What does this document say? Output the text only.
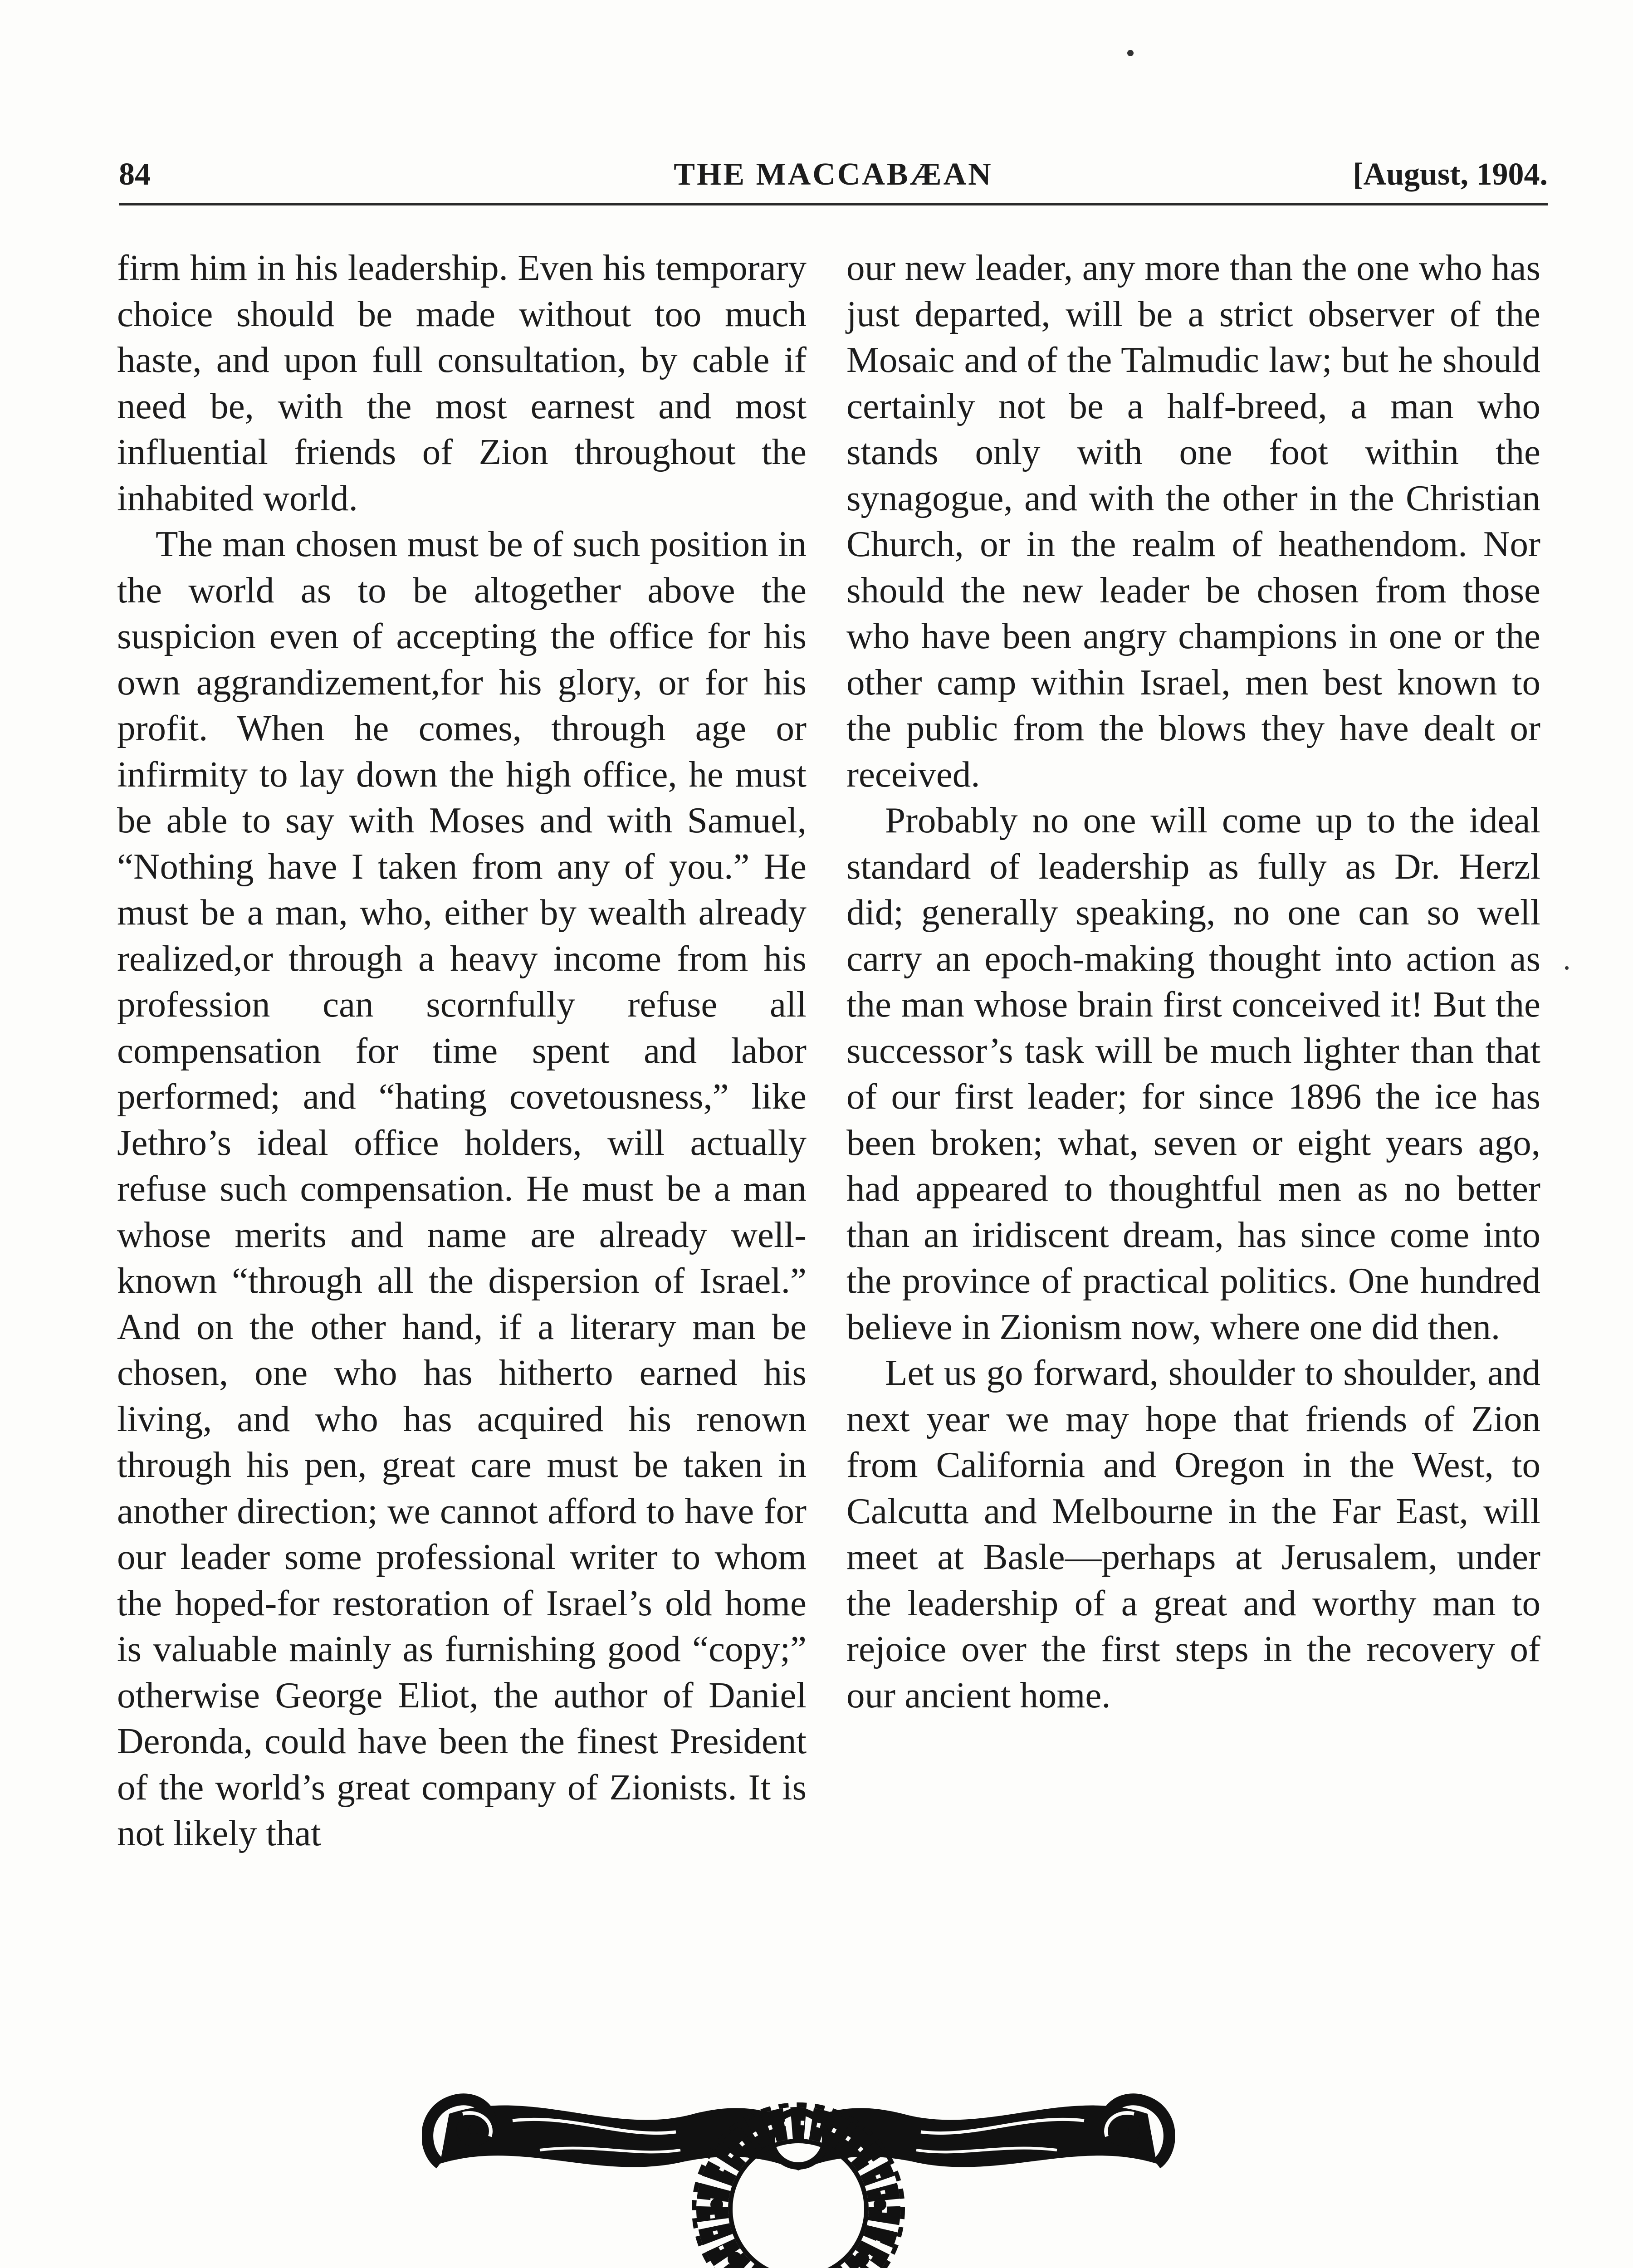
84	THE MACCABÆAN	[August, 1904.

firm him in his leadership. Even his temporary choice should be made without too much haste, and upon full consultation, by cable if need be, with the most earnest and most influential friends of Zion throughout the inhabited world.

The man chosen must be of such position in the world as to be altogether above the suspicion even of accepting the office for his own aggrandizement,for his glory, or for his profit. When he comes, through age or infirmity to lay down the high office, he must be able to say with Moses and with Samuel, “Nothing have I taken from any of you.” He must be a man, who, either by wealth already realized,or through a heavy income from his profession can scornfully refuse all compensation for time spent and labor performed; and “hating covetousness,” like Jethro’s ideal office holders, will actually refuse such compensation. He must be a man whose merits and name are already well-known “through all the dispersion of Israel.” And on the other hand, if a literary man be chosen, one who has hitherto earned his living, and who has acquired his renown through his pen, great care must be taken in another direction; we cannot afford to have for our leader some professional writer to whom the hoped-for restoration of Israel’s old home is valuable mainly as furnishing good “copy;” otherwise George Eliot, the author of Daniel Deronda, could have been the finest President of the world’s great company of Zionists. It is not likely that

our new leader, any more than the one who has just departed, will be a strict observer of the Mosaic and of the Talmudic law; but he should certainly not be a half-breed, a man who stands only with one foot within the synagogue, and with the other in the Christian Church, or in the realm of heathendom. Nor should the new leader be chosen from those who have been angry champions in one or the other camp within Israel, men best known to the public from the blows they have dealt or received.

Probably no one will come up to the ideal standard of leadership as fully as Dr. Herzl did; generally speaking, no one can so well carry an epoch-making thought into action as the man whose brain first conceived it! But the successor’s task will be much lighter than that of our first leader; for since 1896 the ice has been broken; what, seven or eight years ago, had appeared to thoughtful men as no better than an iridiscent dream, has since come into the province of practical politics. One hundred believe in Zionism now, where one did then.

Let us go forward, shoulder to shoulder, and next year we may hope that friends of Zion from California and Oregon in the West, to Calcutta and Melbourne in the Far East, will meet at Basle—perhaps at Jerusalem, under the leadership of a great and worthy man to rejoice over the first steps in the recovery of our ancient home.
